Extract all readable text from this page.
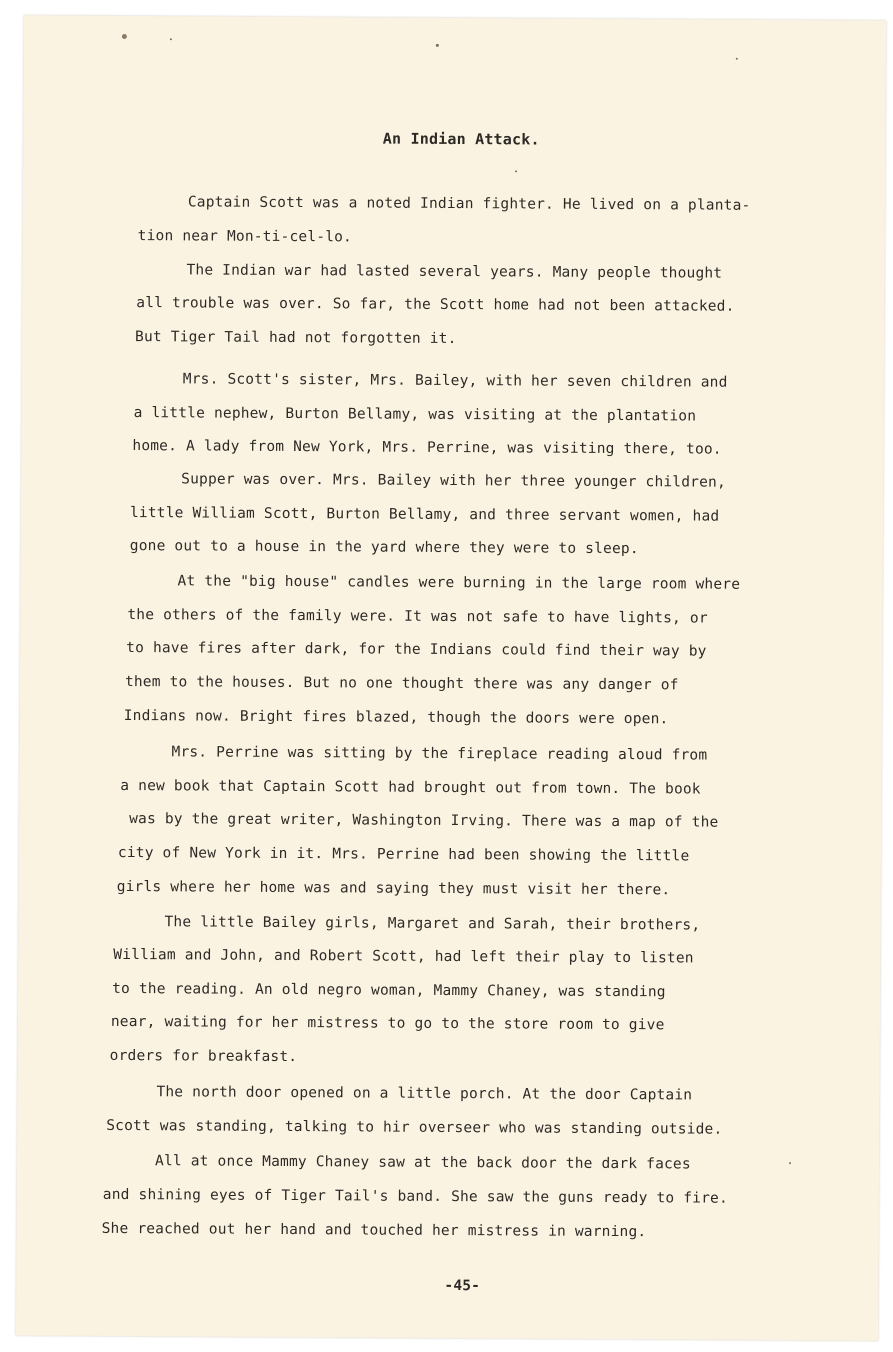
An Indian Attack.
Captain Scott was a noted Indian fighter. He lived on a planta-
tion near Mon-ti-cel-lo.
The Indian war had lasted several years. Many people thought
all trouble was over. So far, the Scott home had not been attacked.
But Tiger Tail had not forgotten it.
Mrs. Scott's sister, Mrs. Bailey, with her seven children and
a little nephew, Burton Bellamy, was visiting at the plantation
home. A lady from New York, Mrs. Perrine, was visiting there, too.
Supper was over. Mrs. Bailey with her three younger children,
little William Scott, Burton Bellamy, and three servant women, had
gone out to a house in the yard where they were to sleep.
At the "big house" candles were burning in the large room where
the others of the family were. It was not safe to have lights, or
to have fires after dark, for the Indians could find their way by
them to the houses. But no one thought there was any danger of
Indians now. Bright fires blazed, though the doors were open.
Mrs. Perrine was sitting by the fireplace reading aloud from
a new book that Captain Scott had brought out from town. The book
was by the great writer, Washington Irving. There was a map of the
city of New York in it. Mrs. Perrine had been showing the little
girls where her home was and saying they must visit her there.
The little Bailey girls, Margaret and Sarah, their brothers,
William and John, and Robert Scott, had left their play to listen
to the reading. An old negro woman, Mammy Chaney, was standing
near, waiting for her mistress to go to the store room to give
orders for breakfast.
The north door opened on a little porch. At the door Captain
Scott was standing, talking to hir overseer who was standing outside.
All at once Mammy Chaney saw at the back door the dark faces
and shining eyes of Tiger Tail's band. She saw the guns ready to fire.
She reached out her hand and touched her mistress in warning.
-45-
